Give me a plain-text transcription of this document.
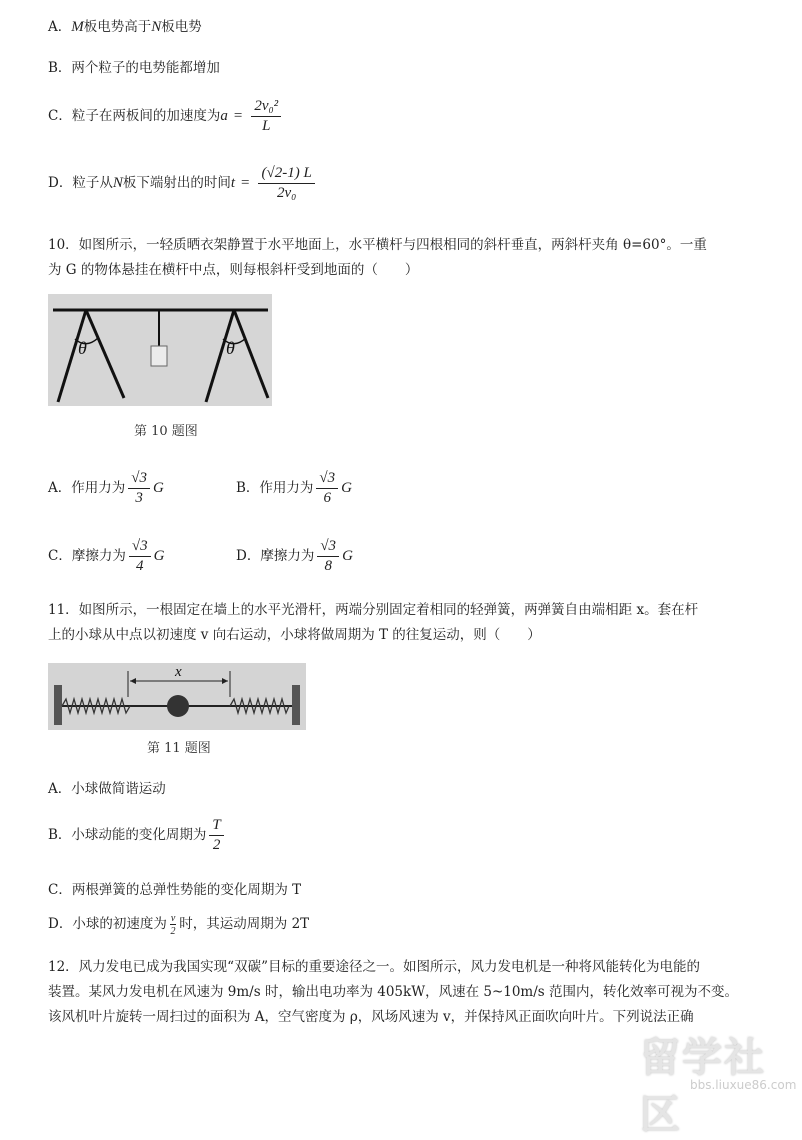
A．M板电势高于N板电势
B．两个粒子的电势能都增加
C．粒子在两板间的加速度为$a = \frac{\text{2v₀²}}{L}$
D．粒子从N板下端射出的时间$t = \frac{(√2-1) L}{\text{2v₀}}$
10．如图所示，一轻质晒衣架静置于水平地面上，水平横杆与四根相同的斜杆垂直，两斜杆夹角 θ=60°。一重
为 G 的物体悬挂在横杆中点，则每根斜杆受到地面的（　　）
θ	θ
第 10 题图
A．作用力为 $\frac{√3}{3}$ G	B．作用力为 $\frac{√3}{6}$ G
C．摩擦力为 $\frac{√3}{4}$ G	D．摩擦力为 $\frac{√3}{8}$ G
11．如图所示，一根固定在墙上的水平光滑杆，两端分别固定着相同的轻弹簧，两弹簧自由端相距 x。套在杆
上的小球从中点以初速度 v 向右运动，小球将做周期为 T 的往复运动，则（　　）
x
第 11 题图
A．小球做简谐运动
B．小球动能的变化周期为 $\frac{T}{2}$
C．两根弹簧的总弹性势能的变化周期为 T
D．小球的初速度为 $\frac{v}{2}$ 时，其运动周期为 2T
12．风力发电已成为我国实现“双碳”目标的重要途径之一。如图所示，风力发电机是一种将风能转化为电能的
装置。某风力发电机在风速为 9m/s 时，输出电功率为 405kW，风速在 5~10m/s 范围内，转化效率可视为不变。
该风机叶片旋转一周扫过的面积为 A，空气密度为 ρ，风场风速为 v，并保持风正面吹向叶片。下列说法正确
留学社区
bbs.liuxue86.com
